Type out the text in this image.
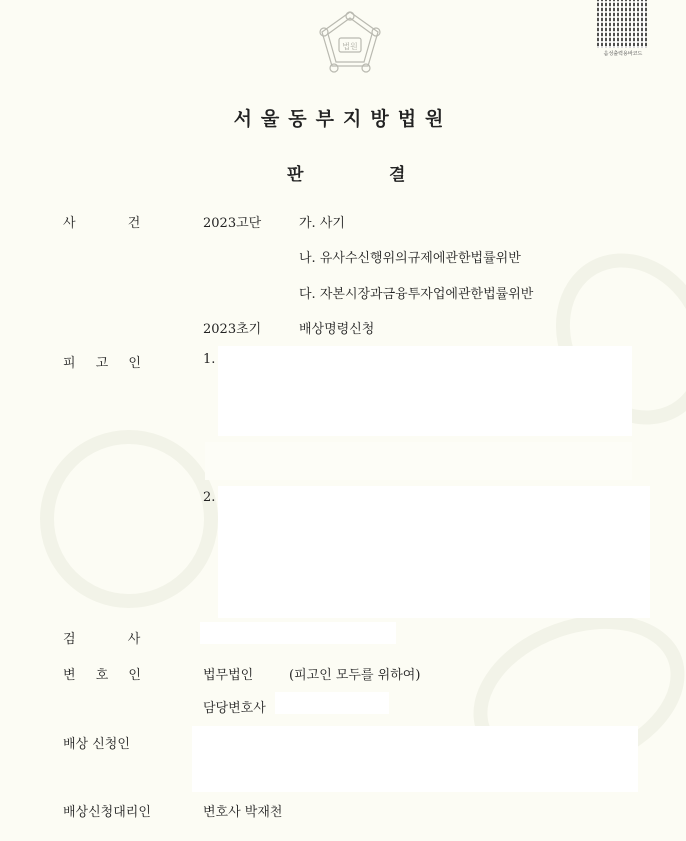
법원
음성출력용바코드
서울동부지방법원
판	결
사 건	2023고단	가. 사기
나. 유사수신행위의규제에관한법률위반
다. 자본시장과금융투자업에관한법률위반
2023초기	배상명령신청
피 고 인	1.
2.
검 사
변 호 인	법무법인	(피고인 모두를 위하여)
담당변호사
배상 신청인
배상신청대리인	변호사 박재천
